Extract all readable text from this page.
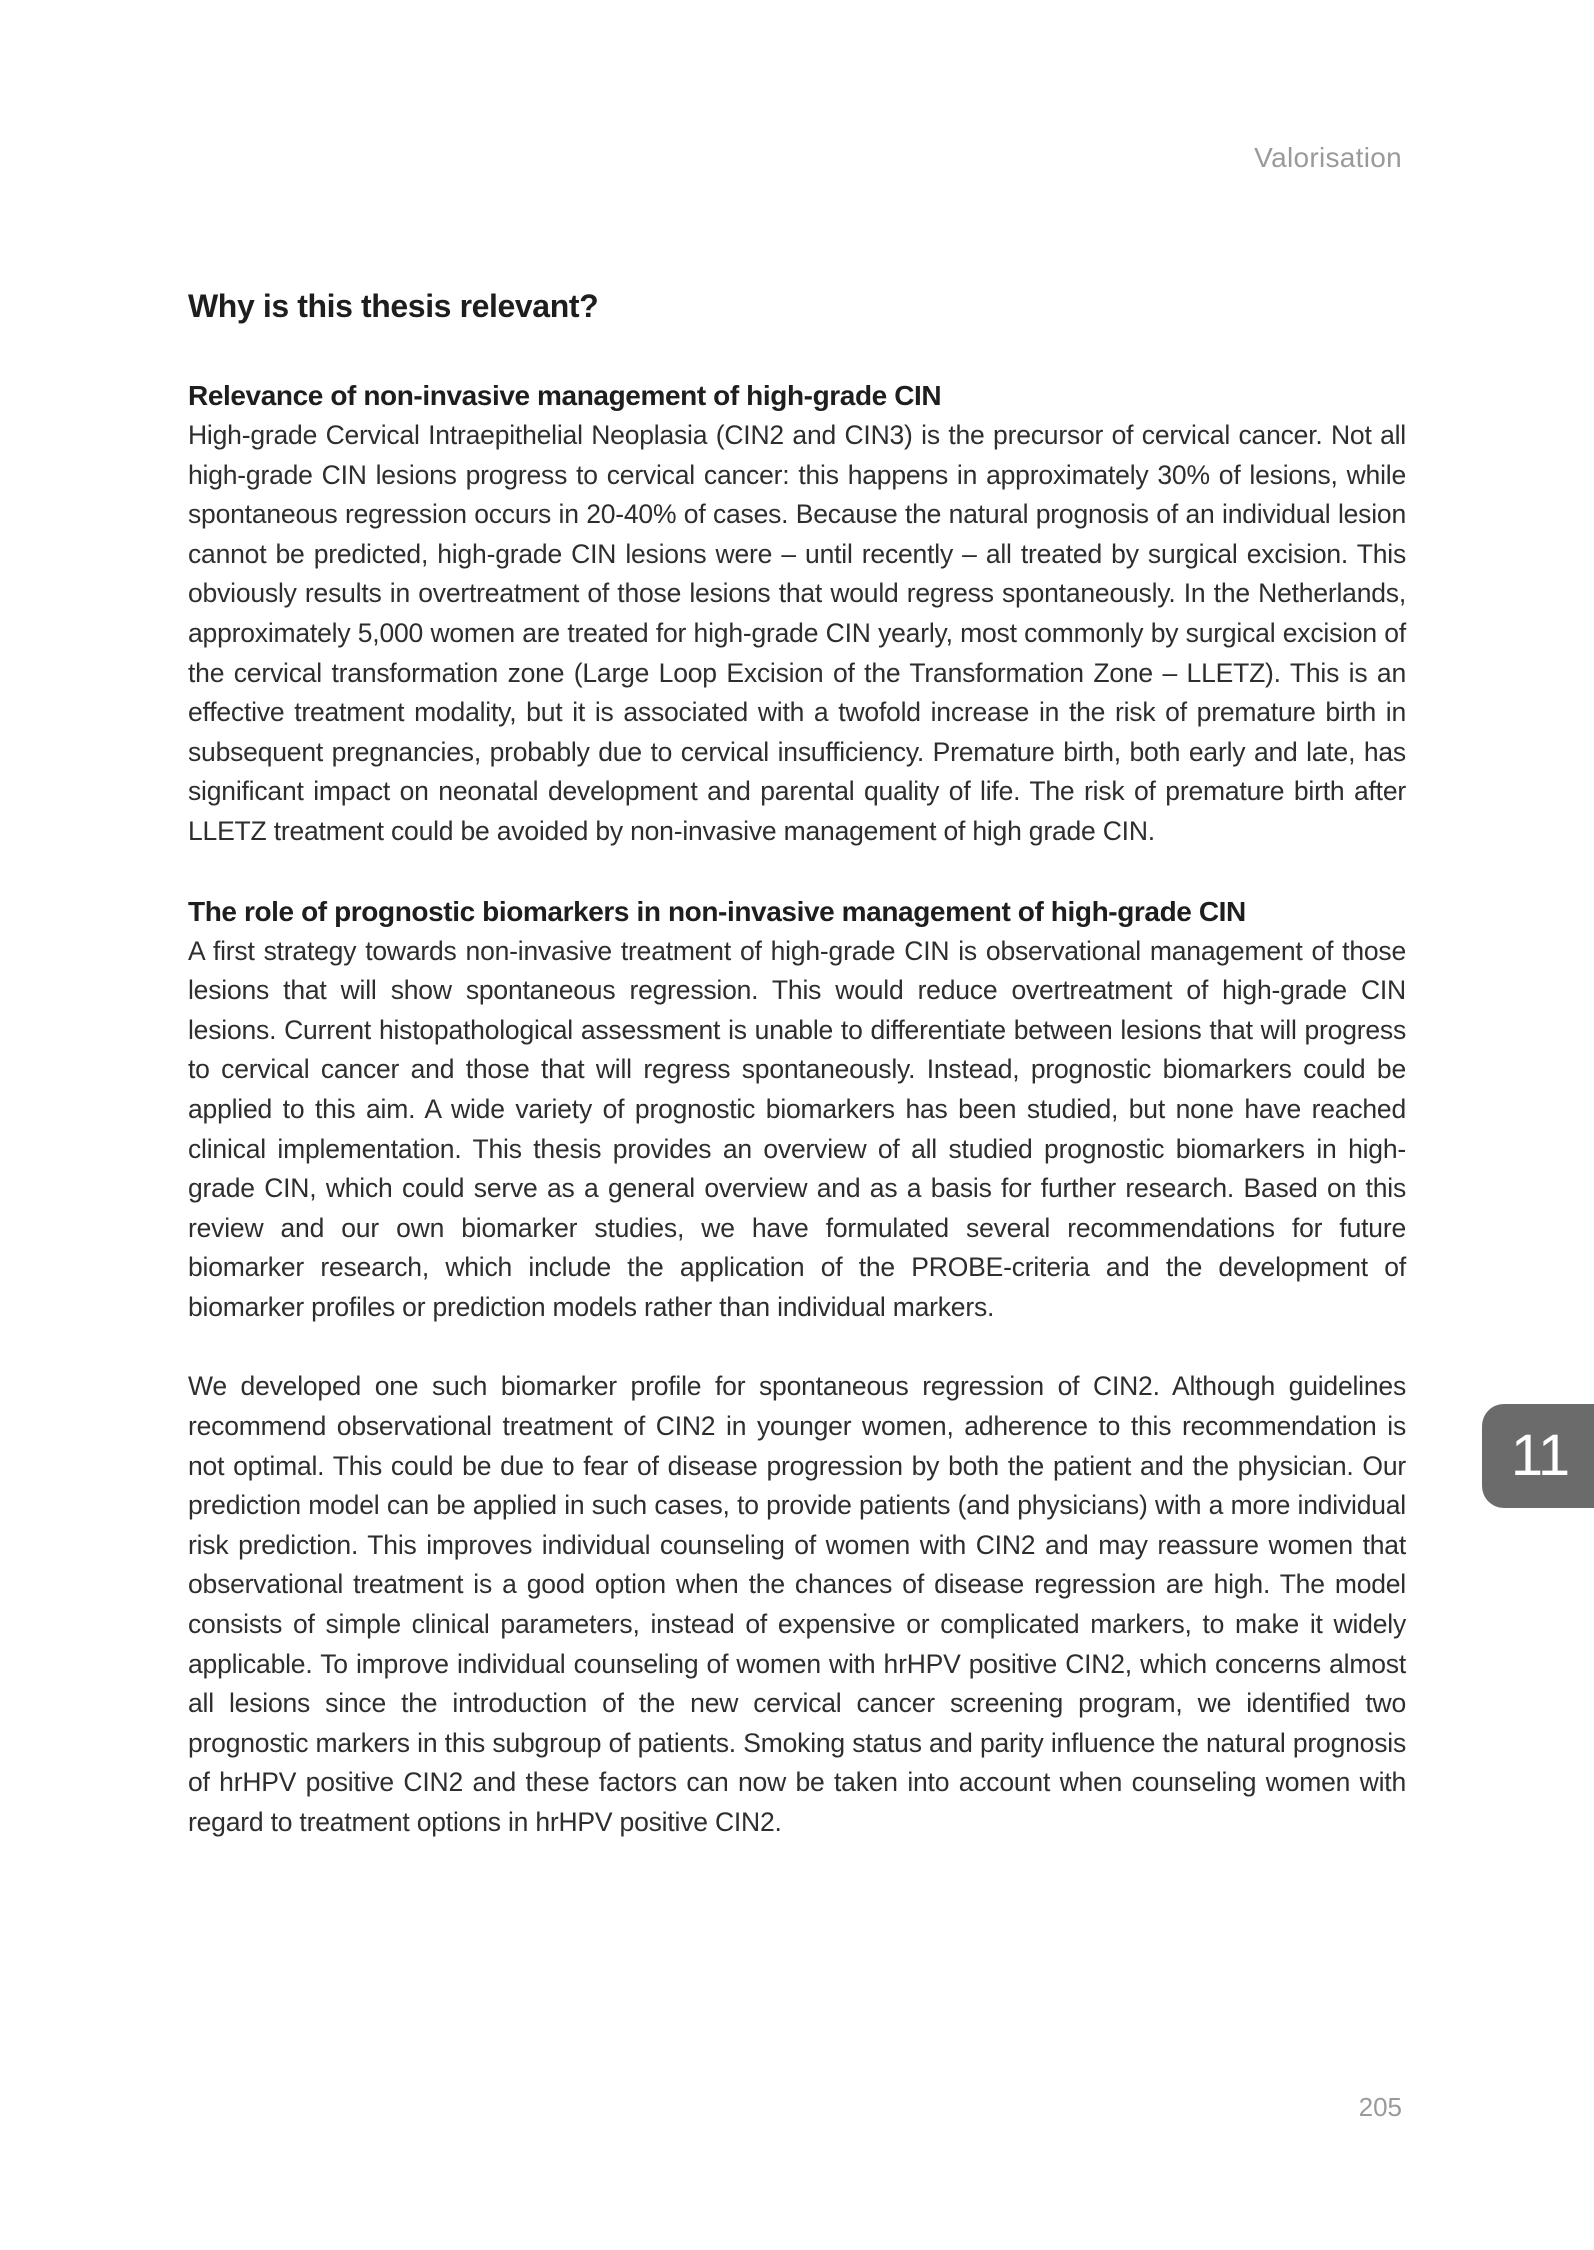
Valorisation
Why is this thesis relevant?
Relevance of non-invasive management of high-grade CIN

High-grade Cervical Intraepithelial Neoplasia (CIN2 and CIN3) is the precursor of cervical cancer. Not all high-grade CIN lesions progress to cervical cancer: this happens in approximately 30% of lesions, while spontaneous regression occurs in 20-40% of cases. Because the natural prognosis of an individual lesion cannot be predicted, high-grade CIN lesions were – until recently – all treated by surgical excision. This obviously results in overtreatment of those lesions that would regress spontaneously. In the Netherlands, approximately 5,000 women are treated for high-grade CIN yearly, most commonly by surgical excision of the cervical transformation zone (Large Loop Excision of the Transformation Zone – LLETZ). This is an effective treatment modality, but it is associated with a twofold increase in the risk of premature birth in subsequent pregnancies, probably due to cervical insufficiency. Premature birth, both early and late, has significant impact on neonatal development and parental quality of life. The risk of premature birth after LLETZ treatment could be avoided by non-invasive management of high grade CIN.

The role of prognostic biomarkers in non-invasive management of high-grade CIN

A first strategy towards non-invasive treatment of high-grade CIN is observational management of those lesions that will show spontaneous regression. This would reduce overtreatment of high-grade CIN lesions. Current histopathological assessment is unable to differentiate between lesions that will progress to cervical cancer and those that will regress spontaneously. Instead, prognostic biomarkers could be applied to this aim. A wide variety of prognostic biomarkers has been studied, but none have reached clinical implementation. This thesis provides an overview of all studied prognostic biomarkers in high-grade CIN, which could serve as a general overview and as a basis for further research. Based on this review and our own biomarker studies, we have formulated several recommendations for future biomarker research, which include the application of the PROBE-criteria and the development of biomarker profiles or prediction models rather than individual markers.

We developed one such biomarker profile for spontaneous regression of CIN2. Although guidelines recommend observational treatment of CIN2 in younger women, adherence to this recommendation is not optimal. This could be due to fear of disease progression by both the patient and the physician. Our prediction model can be applied in such cases, to provide patients (and physicians) with a more individual risk prediction. This improves individual counseling of women with CIN2 and may reassure women that observational treatment is a good option when the chances of disease regression are high. The model consists of simple clinical parameters, instead of expensive or complicated markers, to make it widely applicable. To improve individual counseling of women with hrHPV positive CIN2, which concerns almost all lesions since the introduction of the new cervical cancer screening program, we identified two prognostic markers in this subgroup of patients. Smoking status and parity influence the natural prognosis of hrHPV positive CIN2 and these factors can now be taken into account when counseling women with regard to treatment options in hrHPV positive CIN2.

11
205
